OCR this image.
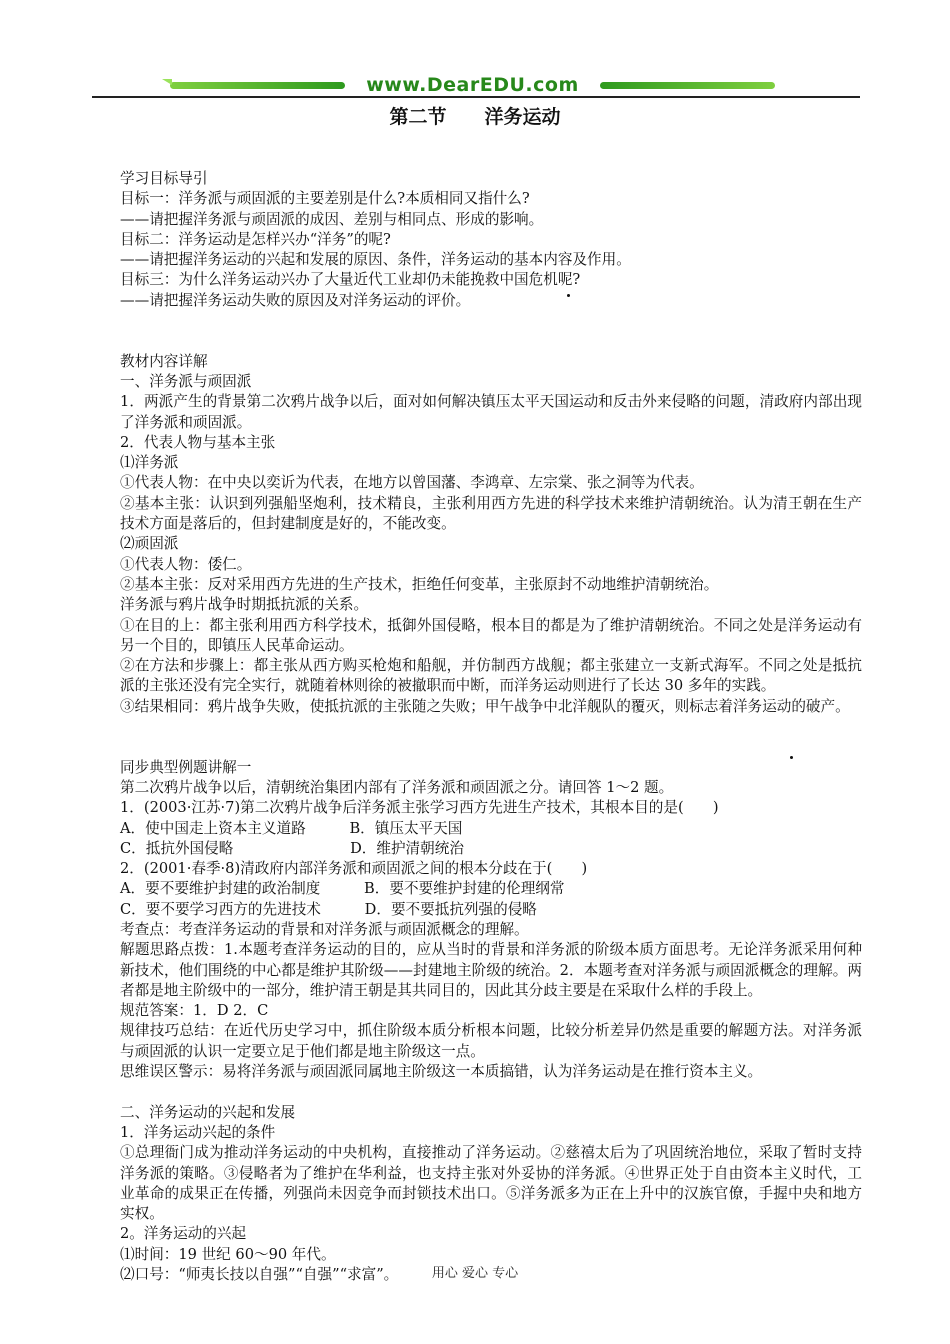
www.DearEDU.com
第二节　　洋务运动
学习目标导引
目标一：洋务派与顽固派的主要差别是什么?本质相同又指什么?
——请把握洋务派与顽固派的成因、差别与相同点、形成的影响。
目标二：洋务运动是怎样兴办“洋务”的呢?
——请把握洋务运动的兴起和发展的原因、条件，洋务运动的基本内容及作用。
目标三：为什么洋务运动兴办了大量近代工业却仍未能挽救中国危机呢?
——请把握洋务运动失败的原因及对洋务运动的评价。
教材内容详解
一、洋务派与顽固派
1．两派产生的背景第二次鸦片战争以后，面对如何解决镇压太平天国运动和反击外来侵略的问题，清政府内部出现了洋务派和顽固派。
2．代表人物与基本主张
⑴洋务派
①代表人物：在中央以奕䜣为代表，在地方以曾国藩、李鸿章、左宗棠、张之洞等为代表。
②基本主张：认识到列强船坚炮利，技术精良，主张利用西方先进的科学技术来维护清朝统治。认为清王朝在生产技术方面是落后的，但封建制度是好的，不能改变。
⑵顽固派
①代表人物：倭仁。
②基本主张：反对采用西方先进的生产技术，拒绝任何变革，主张原封不动地维护清朝统治。
洋务派与鸦片战争时期抵抗派的关系。
①在目的上：都主张利用西方科学技术，抵御外国侵略，根本目的都是为了维护清朝统治。不同之处是洋务运动有另一个目的，即镇压人民革命运动。
②在方法和步骤上：都主张从西方购买枪炮和船舰，并仿制西方战舰；都主张建立一支新式海军。不同之处是抵抗派的主张还没有完全实行，就随着林则徐的被撤职而中断，而洋务运动则进行了长达 30 多年的实践。
③结果相同：鸦片战争失败，使抵抗派的主张随之失败；甲午战争中北洋舰队的覆灭，则标志着洋务运动的破产。
同步典型例题讲解一
第二次鸦片战争以后，清朝统治集团内部有了洋务派和顽固派之分。请回答 1～2 题。
1．(2003·江苏·7)第二次鸦片战争后洋务派主张学习西方先进生产技术，其根本目的是(　　)
A．使中国走上资本主义道路　　　B．镇压太平天国
C．抵抗外国侵略　　　　　　　　D．维护清朝统治
2．(2001·春季·8)清政府内部洋务派和顽固派之间的根本分歧在于(　　)
A．要不要维护封建的政治制度　　　B．要不要维护封建的伦理纲常
C．要不要学习西方的先进技术　　　D．要不要抵抗列强的侵略
考查点：考查洋务运动的背景和对洋务派与顽固派概念的理解。
解题思路点拨：1.本题考查洋务运动的目的，应从当时的背景和洋务派的阶级本质方面思考。无论洋务派采用何种新技术，他们围绕的中心都是维护其阶级——封建地主阶级的统治。2．本题考查对洋务派与顽固派概念的理解。两者都是地主阶级中的一部分，维护清王朝是其共同目的，因此其分歧主要是在采取什么样的手段上。
规范答案：1．D 2．C
规律技巧总结：在近代历史学习中，抓住阶级本质分析根本问题，比较分析差异仍然是重要的解题方法。对洋务派与顽固派的认识一定要立足于他们都是地主阶级这一点。
思维误区警示：易将洋务派与顽固派同属地主阶级这一本质搞错，认为洋务运动是在推行资本主义。
二、洋务运动的兴起和发展
1．洋务运动兴起的条件
①总理衙门成为推动洋务运动的中央机构，直接推动了洋务运动。②慈禧太后为了巩固统治地位，采取了暂时支持洋务派的策略。③侵略者为了维护在华利益，也支持主张对外妥协的洋务派。④世界正处于自由资本主义时代，工业革命的成果正在传播，列强尚未因竞争而封锁技术出口。⑤洋务派多为正在上升中的汉族官僚，手握中央和地方实权。
2。洋务运动的兴起
⑴时间：19 世纪 60～90 年代。
⑵口号：“师夷长技以自强”“自强”“求富”。	用心 爱心 专心
